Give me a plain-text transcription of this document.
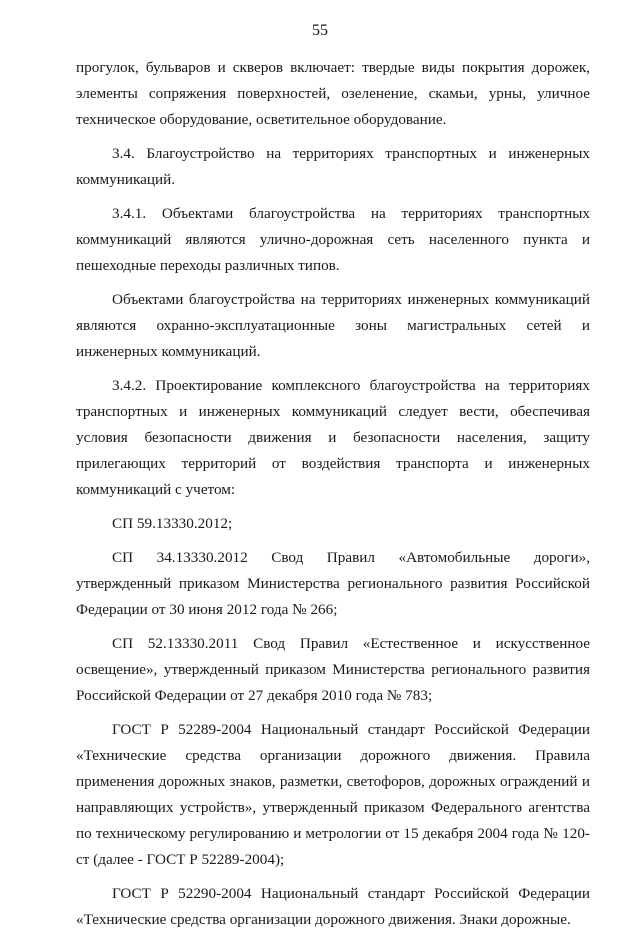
55

прогулок, бульваров и скверов включает: твердые виды покрытия дорожек, элементы сопряжения поверхностей, озеленение, скамьи, урны, уличное техническое оборудование, осветительное оборудование.

3.4. Благоустройство на территориях транспортных и инженерных коммуникаций.

3.4.1. Объектами благоустройства на территориях транспортных коммуникаций являются улично-дорожная сеть населенного пункта и пешеходные переходы различных типов.

Объектами благоустройства на территориях инженерных коммуникаций являются охранно-эксплуатационные зоны магистральных сетей и инженерных коммуникаций.

3.4.2. Проектирование комплексного благоустройства на территориях транспортных и инженерных коммуникаций следует вести, обеспечивая условия безопасности движения и безопасности населения, защиту прилегающих территорий от воздействия транспорта и инженерных коммуникаций с учетом:

СП 59.13330.2012;

СП 34.13330.2012 Свод Правил «Автомобильные дороги», утвержденный приказом Министерства регионального развития Российской Федерации от 30 июня 2012 года № 266;

СП 52.13330.2011 Свод Правил «Естественное и искусственное освещение», утвержденный приказом Министерства регионального развития Российской Федерации от 27 декабря 2010 года № 783;

ГОСТ Р 52289-2004 Национальный стандарт Российской Федерации «Технические средства организации дорожного движения. Правила применения дорожных знаков, разметки, светофоров, дорожных ограждений и направляющих устройств», утвержденный приказом Федерального агентства по техническому регулированию и метрологии от 15 декабря 2004 года № 120-ст (далее - ГОСТ Р 52289-2004);

ГОСТ Р 52290-2004 Национальный стандарт Российской Федерации «Технические средства организации дорожного движения. Знаки дорожные.
